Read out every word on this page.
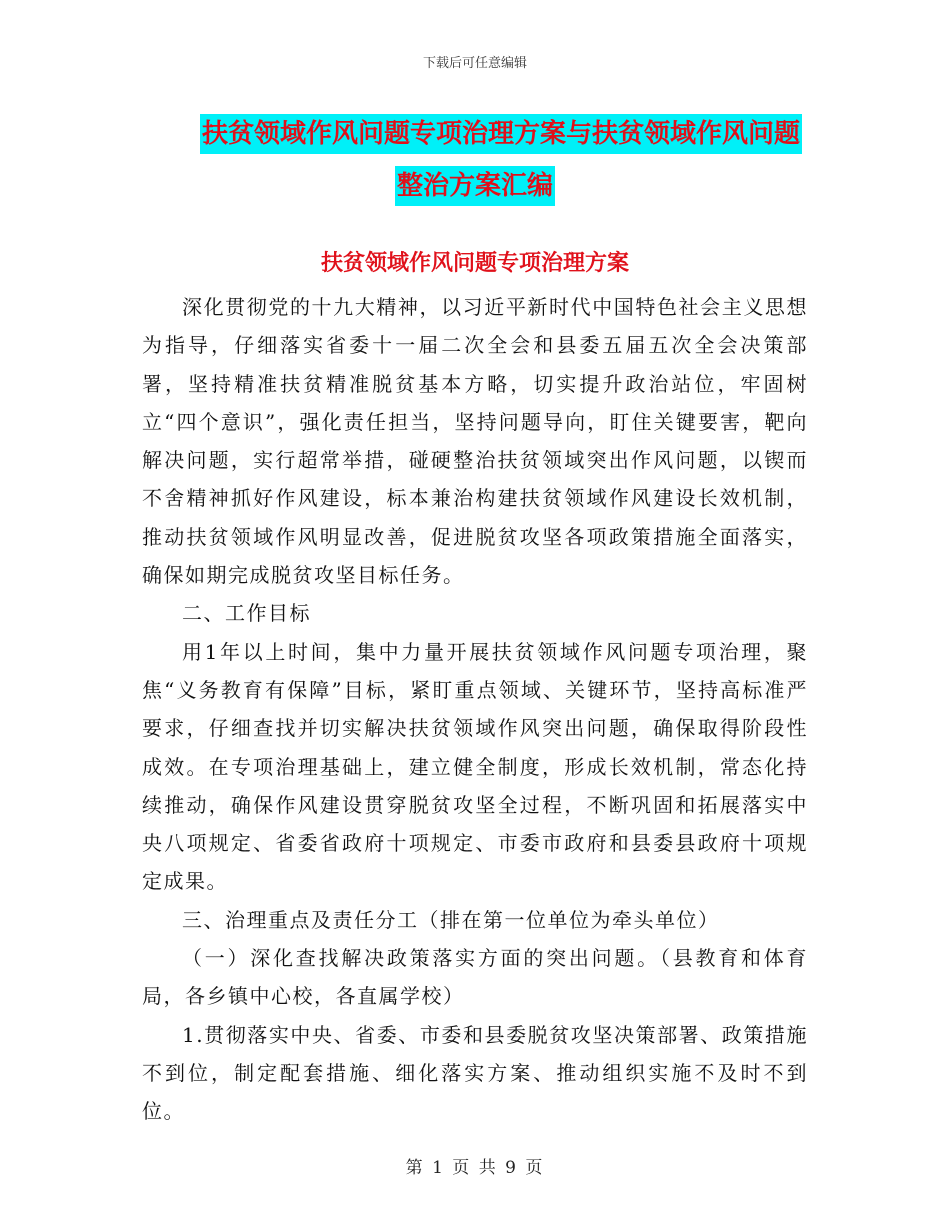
下载后可任意编辑
扶贫领域作风问题专项治理方案与扶贫领域作风问题
整治方案汇编
扶贫领域作风问题专项治理方案

深化贯彻党的十九大精神，以习近平新时代中国特色社会主义思想为指导，仔细落实省委十一届二次全会和县委五届五次全会决策部署，坚持精准扶贫精准脱贫基本方略，切实提升政治站位，牢固树立“四个意识”，强化责任担当，坚持问题导向，盯住关键要害，靶向解决问题，实行超常举措，碰硬整治扶贫领域突出作风问题，以锲而不舍精神抓好作风建设，标本兼治构建扶贫领域作风建设长效机制，推动扶贫领域作风明显改善，促进脱贫攻坚各项政策措施全面落实，确保如期完成脱贫攻坚目标任务。

二、工作目标

用1年以上时间，集中力量开展扶贫领域作风问题专项治理，聚焦“义务教育有保障”目标，紧盯重点领域、关键环节，坚持高标准严要求，仔细查找并切实解决扶贫领域作风突出问题，确保取得阶段性成效。在专项治理基础上，建立健全制度，形成长效机制，常态化持续推动，确保作风建设贯穿脱贫攻坚全过程，不断巩固和拓展落实中央八项规定、省委省政府十项规定、市委市政府和县委县政府十项规定成果。

三、治理重点及责任分工（排在第一位单位为牵头单位）

（一）深化查找解决政策落实方面的突出问题。（县教育和体育局，各乡镇中心校，各直属学校）

1.贯彻落实中央、省委、市委和县委脱贫攻坚决策部署、政策措施不到位，制定配套措施、细化落实方案、推动组织实施不及时不到位。

第 1 页 共 9 页
